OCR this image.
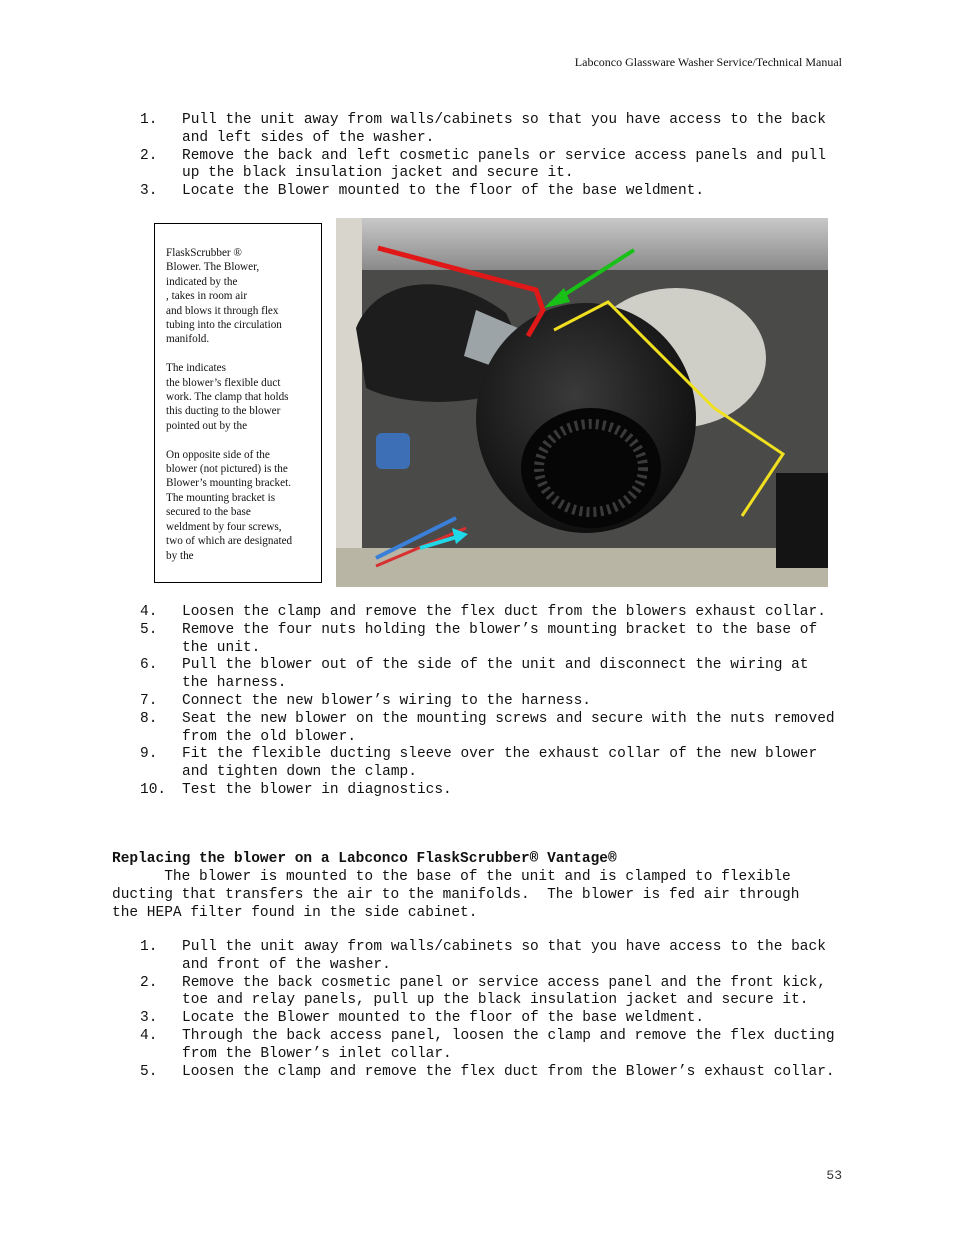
Labconco Glassware Washer Service/Technical Manual
1. Pull the unit away from walls/cabinets so that you have access to the back and left sides of the washer.
2. Remove the back and left cosmetic panels or service access panels and pull up the black insulation jacket and secure it.
3. Locate the Blower mounted to the floor of the base weldment.

FlaskScrubber ®
Blower. The Blower,
indicated by the
, takes in room air
and blows it through flex
tubing into the circulation
manifold.

The indicates
the blower’s flexible duct
work. The clamp that holds
this ducting to the blower
pointed out by the

On opposite side of the
blower (not pictured) is the
Blower’s mounting bracket.
The mounting bracket is
secured to the base
weldment by four screws,
two of which are designated
by the

4. Loosen the clamp and remove the flex duct from the blowers exhaust collar.
5. Remove the four nuts holding the blower’s mounting bracket to the base of the unit.
6. Pull the blower out of the side of the unit and disconnect the wiring at the harness.
7. Connect the new blower’s wiring to the harness.
8. Seat the new blower on the mounting screws and secure with the nuts removed from the old blower.
9. Fit the flexible ducting sleeve over the exhaust collar of the new blower and tighten down the clamp.
10. Test the blower in diagnostics.
Replacing the blower on a Labconco FlaskScrubber® Vantage®
The blower is mounted to the base of the unit and is clamped to flexible ducting that transfers the air to the manifolds.  The blower is fed air through the HEPA filter found in the side cabinet.
1. Pull the unit away from walls/cabinets so that you have access to the back and front of the washer.
2. Remove the back cosmetic panel or service access panel and the front kick, toe and relay panels, pull up the black insulation jacket and secure it.
3. Locate the Blower mounted to the floor of the base weldment.
4. Through the back access panel, loosen the clamp and remove the flex ducting from the Blower’s inlet collar.
5. Loosen the clamp and remove the flex duct from the Blower’s exhaust collar.
53
